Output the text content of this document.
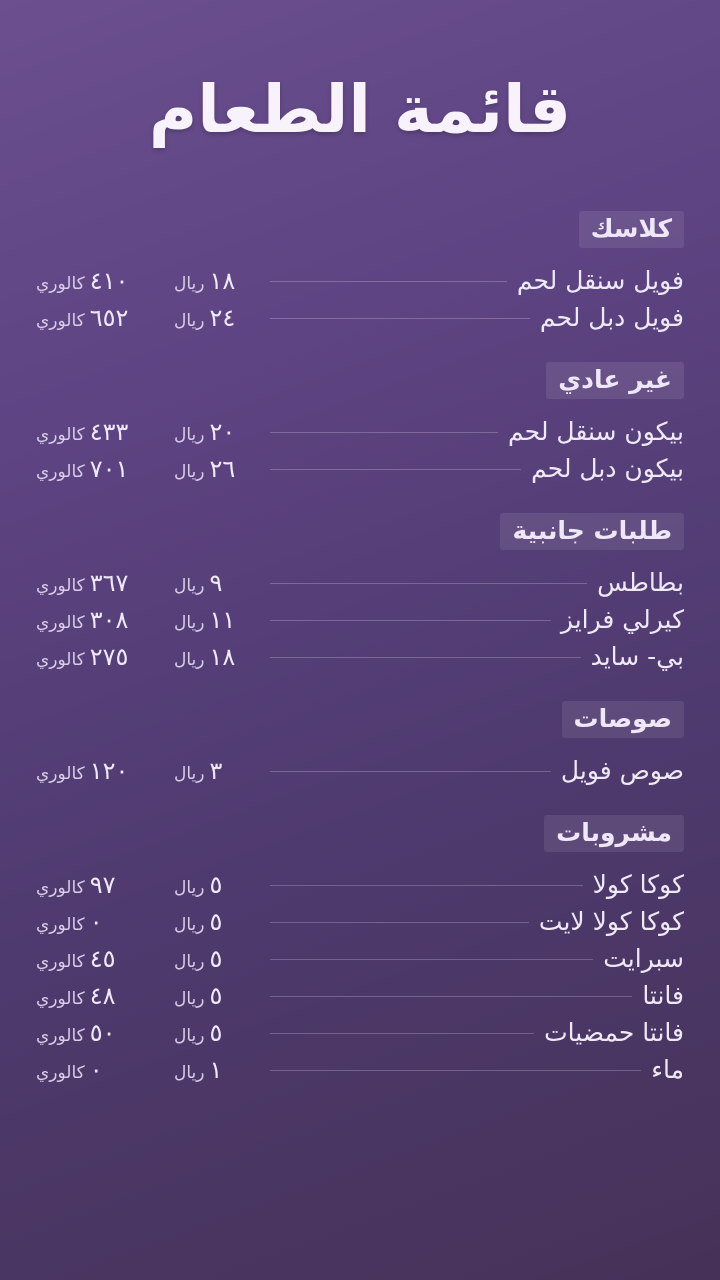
قائمة الطعام
كلاسك
فويل سنقل لحم
١٨ريال
٤١٠كالوري
فويل دبل لحم
٢٤ريال
٦٥٢كالوري
غير عادي
بيكون سنقل لحم
٢٠ريال
٤٣٣كالوري
بيكون دبل لحم
٢٦ريال
٧٠١كالوري
طلبات جانبية
بطاطس
٩ريال
٣٦٧كالوري
كيرلي فرايز
١١ريال
٣٠٨كالوري
بي- سايد
١٨ريال
٢٧٥كالوري
صوصات
صوص فويل
٣ريال
١٢٠كالوري
مشروبات
كوكا كولا
٥ريال
٩٧كالوري
كوكا كولا لايت
٥ريال
٠كالوري
سبرايت
٥ريال
٤٥كالوري
فانتا
٥ريال
٤٨كالوري
فانتا حمضيات
٥ريال
٥٠كالوري
ماء
١ريال
٠كالوري
